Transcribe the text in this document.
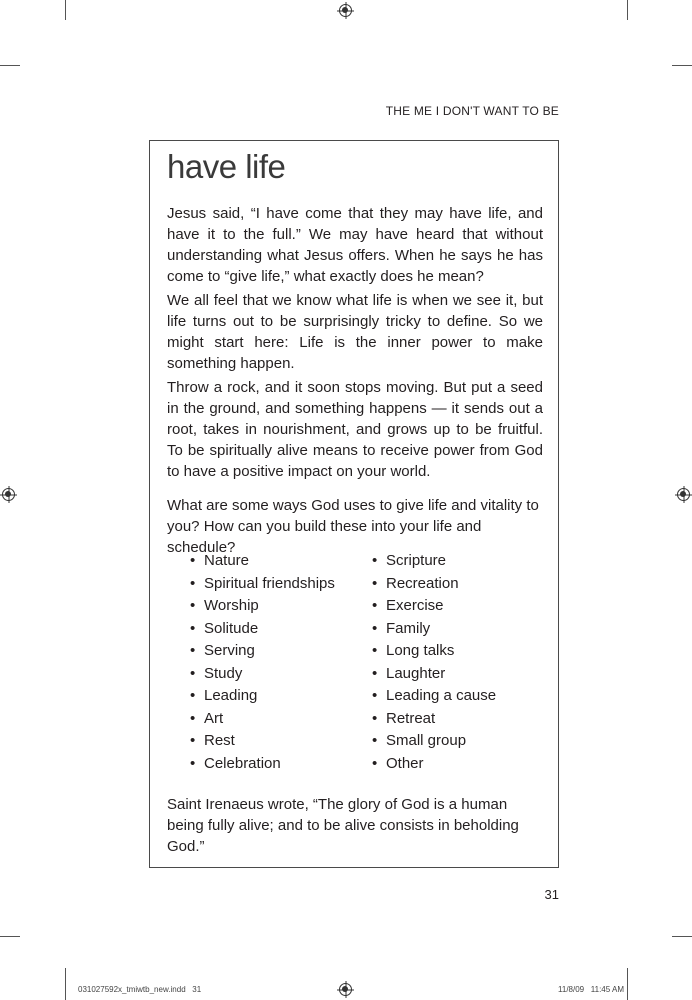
THE ME I DON'T WANT TO BE
have life

Jesus said, “I have come that they may have life, and have it to the full.” We may have heard that without understanding what Jesus offers. When he says he has come to “give life,” what exactly does he mean?

We all feel that we know what life is when we see it, but life turns out to be surprisingly tricky to define. So we might start here: Life is the inner power to make something happen.

Throw a rock, and it soon stops moving. But put a seed in the ground, and something happens — it sends out a root, takes in nourishment, and grows up to be fruitful. To be spiritually alive means to receive power from God to have a positive impact on your world.

What are some ways God uses to give life and vitality to you? How can you build these into your life and schedule?

• Nature
• Spiritual friendships
• Worship
• Solitude
• Serving
• Study
• Leading
• Art
• Rest
• Celebration
• Scripture
• Recreation
• Exercise
• Family
• Long talks
• Laughter
• Leading a cause
• Retreat
• Small group
• Other

Saint Irenaeus wrote, “The glory of God is a human being fully alive; and to be alive consists in beholding God.”

31
031027592x_tmiwtb_new.indd   31	11/8/09   11:45 AM
